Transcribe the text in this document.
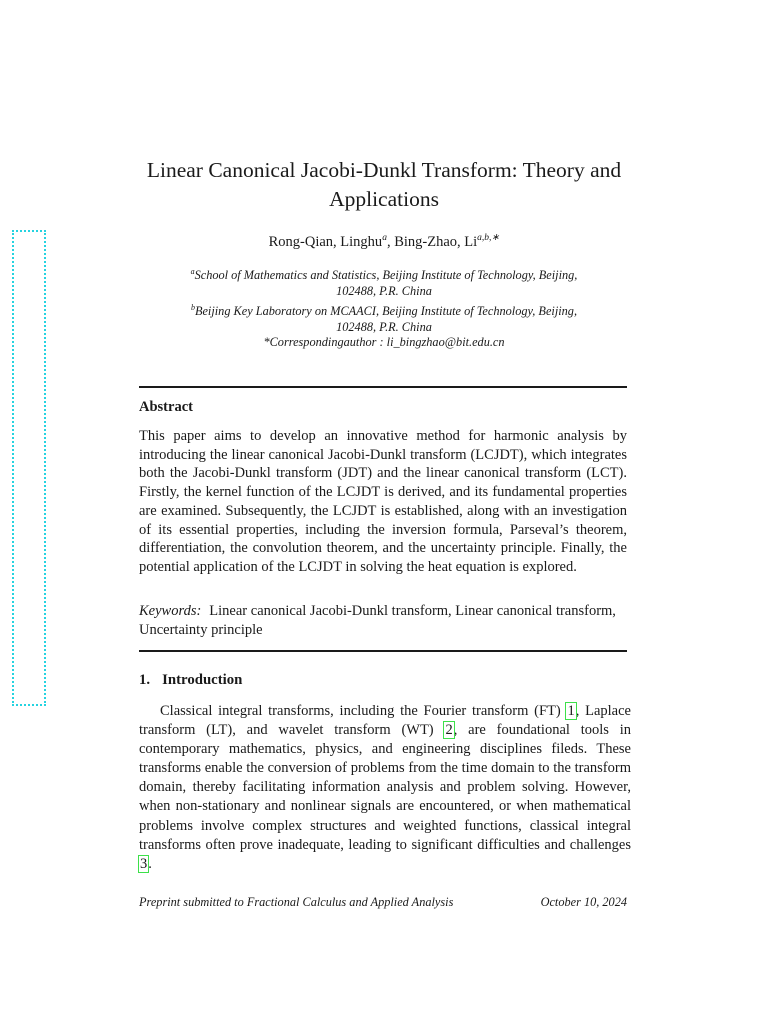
Linear Canonical Jacobi-Dunkl Transform: Theory and Applications
Rong-Qian, Linghu$^a$, Bing-Zhao, $Li^{a,b,∗}$
$^a$School of Mathematics and Statistics, Beijing Institute of Technology, Beijing, 102488, P.R. China
$^b$Beijing Key Laboratory on MCAACI, Beijing Institute of Technology, Beijing, 102488, P.R. China
*Correspondingauthor : li_bingzhao@bit.edu.cn
Abstract
This paper aims to develop an innovative method for harmonic analysis by introducing the linear canonical Jacobi-Dunkl transform (LCJDT), which integrates both the Jacobi-Dunkl transform (JDT) and the linear canonical transform (LCT). Firstly, the kernel function of the LCJDT is derived, and its fundamental properties are examined. Subsequently, the LCJDT is established, along with an investigation of its essential properties, including the inversion formula, Parseval’s theorem, differentiation, the convolution theorem, and the uncertainty principle. Finally, the potential application of the LCJDT in solving the heat equation is explored.
Keywords: Linear canonical Jacobi-Dunkl transform, Linear canonical transform, Uncertainty principle
1. Introduction

Classical integral transforms, including the Fourier transform (FT) 1, Laplace transform (LT), and wavelet transform (WT) 2, are foundational tools in contemporary mathematics, physics, and engineering disciplines fileds. These transforms enable the conversion of problems from the time domain to the transform domain, thereby facilitating information analysis and problem solving. However, when non-stationary and nonlinear signals are encountered, or when mathematical problems involve complex structures and weighted functions, classical integral transforms often prove inadequate, leading to significant difficulties and challenges 3.

Preprint submitted to Fractional Calculus and Applied Analysis	October 10, 2024
